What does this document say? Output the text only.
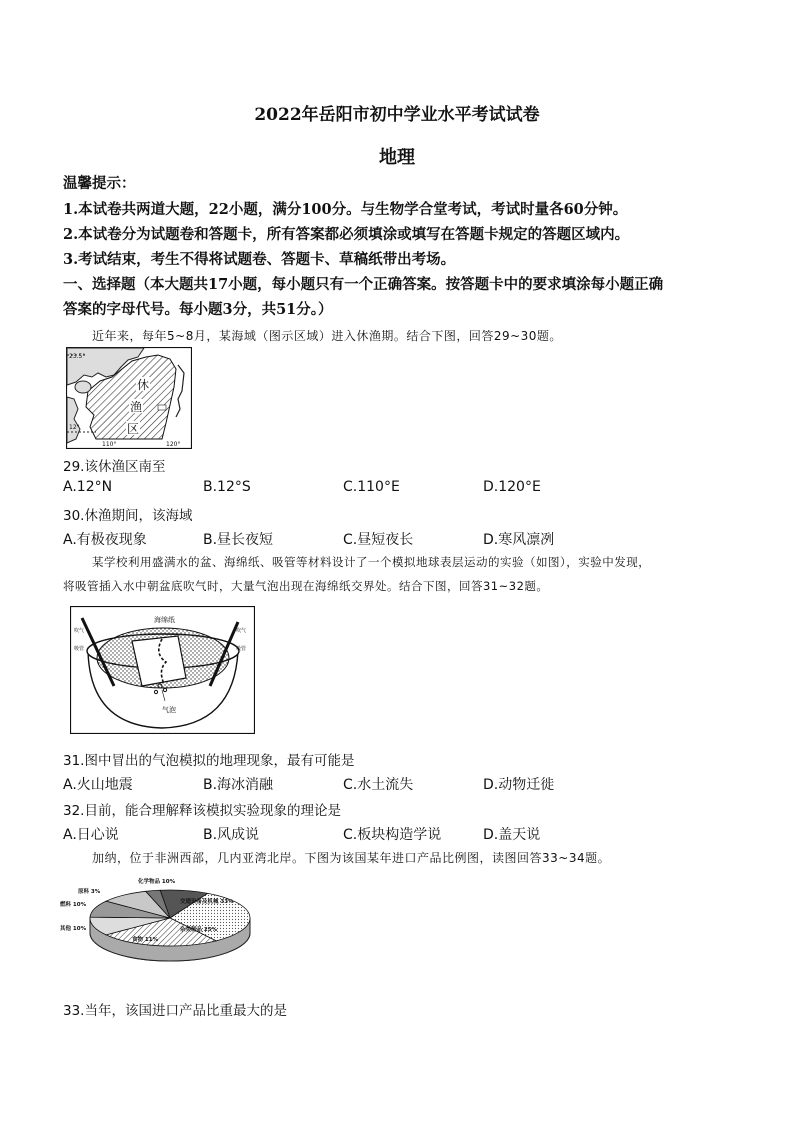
2022年岳阳市初中学业水平考试试卷
地理
温馨提示：
1.本试卷共两道大题，22小题，满分100分。与生物学合堂考试，考试时量各60分钟。
2.本试卷分为试题卷和答题卡，所有答案都必须填涂或填写在答题卡规定的答题区域内。
3.考试结束，考生不得将试题卷、答题卡、草稿纸带出考场。
一、选择题（本大题共17小题，每小题只有一个正确答案。按答题卡中的要求填涂每小题正确
答案的字母代号。每小题3分，共51分。）
近年来，每年5~8月，某海域（图示区域）进入休渔期。结合下图，回答29~30题。
23.5°
12°
110°	120°
休
渔
区
29.该休渔区南至
A.12°N	B.12°S	C.110°E	D.120°E
30.休渔期间，该海域
A.有极夜现象	B.昼长夜短	C.昼短夜长	D.寒风凛冽
某学校利用盛满水的盆、海绵纸、吸管等材料设计了一个模拟地球表层运动的实验（如图），实验中发现，
将吸管插入水中朝盆底吹气时，大量气泡出现在海绵纸交界处。结合下图，回答31~32题。
海绵纸
气泡
吹气
吸管
吹气
吸管
31.图中冒出的气泡模拟的地理现象，最有可能是
A.火山地震	B.海冰消融	C.水土流失	D.动物迁徙
32.目前，能合理解释该模拟实验现象的理论是
A.日心说	B.风成说	C.板块构造学说	D.盖天说
加纳，位于非洲西部，几内亚湾北岸。下图为该国某年进口产品比例图，读图回答33~34题。
化学物品 10%
交通设备及机械 33%
杂类制品 25%
食物 11%
其他 10%
燃料 10%
原料 3%
33.当年，该国进口产品比重最大的是
